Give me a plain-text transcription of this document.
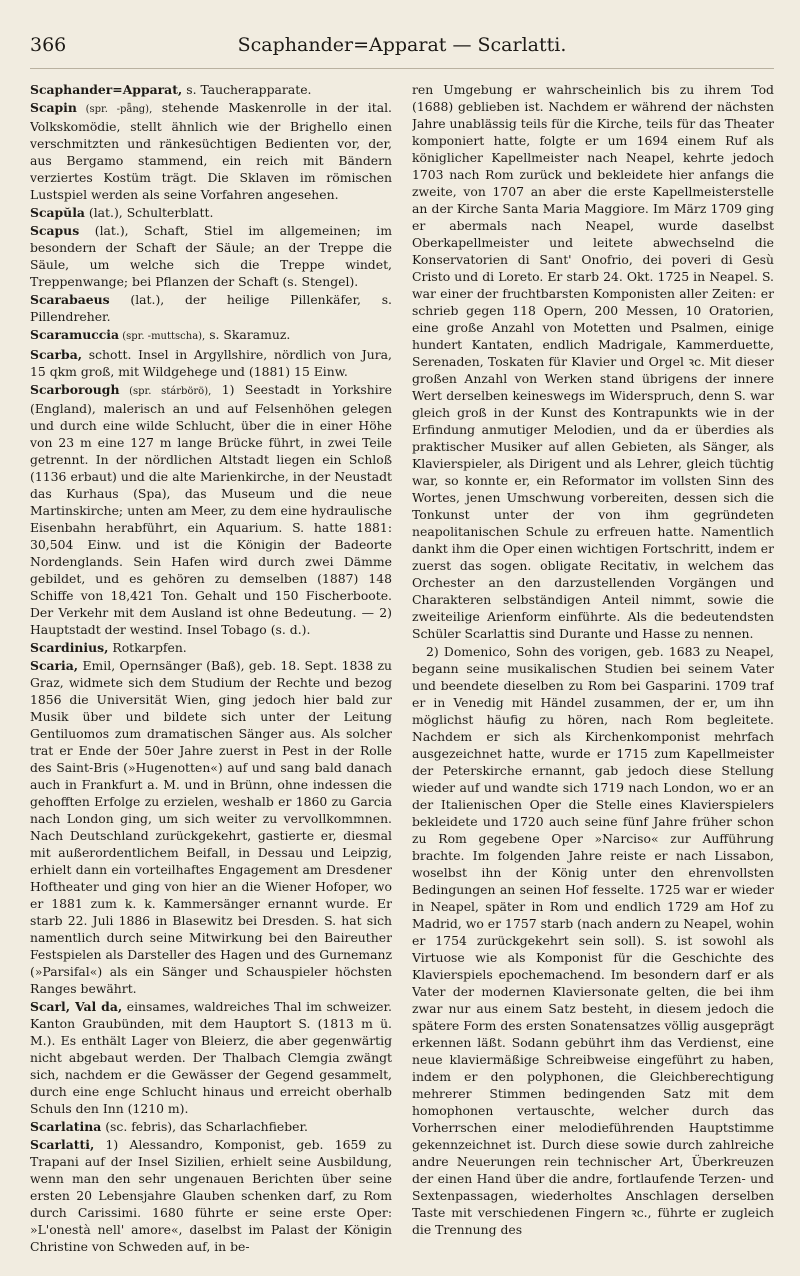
366	Scaphander=Apparat — Scarlatti.

Scaphander=Apparat, s. Taucherapparate.

Scapin (spr. -pǟng), stehende Maskenrolle in der ital. Volkskomödie, stellt ähnlich wie der Brighello einen verschmitzten und ränkesüchtigen Bedienten vor, der, aus Bergamo stammend, ein reich mit Bändern verziertes Kostüm trägt. Die Sklaven im römischen Lustspiel werden als seine Vorfahren angesehen.

Scapŭla (lat.), Schulterblatt.

Scapus (lat.), Schaft, Stiel im allgemeinen; im besondern der Schaft der Säule; an der Treppe die Säule, um welche sich die Treppe windet, Treppenwange; bei Pflanzen der Schaft (s. Stengel).

Scarabaeus (lat.), der heilige Pillenkäfer, s. Pillendreher.

Scaramuccia (spr. -muttscha), s. Skaramuz.

Scarba, schott. Insel in Argyllshire, nördlich von Jura, 15 qkm groß, mit Wildgehege und (1881) 15 Einw.

Scarborough (spr. stárbörö), 1) Seestadt in Yorkshire (England), malerisch an und auf Felsenhöhen gelegen und durch eine wilde Schlucht, über die in einer Höhe von 23 m eine 127 m lange Brücke führt, in zwei Teile getrennt. In der nördlichen Altstadt liegen ein Schloß (1136 erbaut) und die alte Marienkirche, in der Neustadt das Kurhaus (Spa), das Museum und die neue Martinskirche; unten am Meer, zu dem eine hydraulische Eisenbahn herabführt, ein Aquarium. S. hatte 1881: 30,504 Einw. und ist die Königin der Badeorte Nordenglands. Sein Hafen wird durch zwei Dämme gebildet, und es gehören zu demselben (1887) 148 Schiffe von 18,421 Ton. Gehalt und 150 Fischerboote. Der Verkehr mit dem Ausland ist ohne Bedeutung. — 2) Hauptstadt der westind. Insel Tobago (s. d.).

Scardinius, Rotkarpfen.

Scaria, Emil, Opernsänger (Baß), geb. 18. Sept. 1838 zu Graz, widmete sich dem Studium der Rechte und bezog 1856 die Universität Wien, ging jedoch hier bald zur Musik über und bildete sich unter der Leitung Gentiluomos zum dramatischen Sänger aus. Als solcher trat er Ende der 50er Jahre zuerst in Pest in der Rolle des Saint-Bris (»Hugenotten«) auf und sang bald danach auch in Frankfurt a. M. und in Brünn, ohne indessen die gehofften Erfolge zu erzielen, weshalb er 1860 zu Garcia nach London ging, um sich weiter zu vervollkommnen. Nach Deutschland zurückgekehrt, gastierte er, diesmal mit außerordentlichem Beifall, in Dessau und Leipzig, erhielt dann ein vorteilhaftes Engagement am Dresdener Hoftheater und ging von hier an die Wiener Hofoper, wo er 1881 zum k. k. Kammersänger ernannt wurde. Er starb 22. Juli 1886 in Blasewitz bei Dresden. S. hat sich namentlich durch seine Mitwirkung bei den Baireuther Festspielen als Darsteller des Hagen und des Gurnemanz (»Parsifal«) als ein Sänger und Schauspieler höchsten Ranges bewährt.

Scarl, Val da, einsames, waldreiches Thal im schweizer. Kanton Graubünden, mit dem Hauptort S. (1813 m ü. M.). Es enthält Lager von Bleierz, die aber gegenwärtig nicht abgebaut werden. Der Thalbach Clemgia zwängt sich, nachdem er die Gewässer der Gegend gesammelt, durch eine enge Schlucht hinaus und erreicht oberhalb Schuls den Inn (1210 m).

Scarlatina (sc. febris), das Scharlachfieber.

Scarlatti, 1) Alessandro, Komponist, geb. 1659 zu Trapani auf der Insel Sizilien, erhielt seine Ausbildung, wenn man den sehr ungenauen Berichten über seine ersten 20 Lebensjahre Glauben schenken darf, zu Rom durch Carissimi. 1680 führte er seine erste Oper: »L'onestà nell' amore«, daselbst im Palast der Königin Christine von Schweden auf, in be-

ren Umgebung er wahrscheinlich bis zu ihrem Tod (1688) geblieben ist. Nachdem er während der nächsten Jahre unablässig teils für die Kirche, teils für das Theater komponiert hatte, folgte er um 1694 einem Ruf als königlicher Kapellmeister nach Neapel, kehrte jedoch 1703 nach Rom zurück und bekleidete hier anfangs die zweite, von 1707 an aber die erste Kapellmeisterstelle an der Kirche Santa Maria Maggiore. Im März 1709 ging er abermals nach Neapel, wurde daselbst Oberkapellmeister und leitete abwechselnd die Konservatorien di Sant' Onofrio, dei poveri di Gesù Cristo und di Loreto. Er starb 24. Okt. 1725 in Neapel. S. war einer der fruchtbarsten Komponisten aller Zeiten: er schrieb gegen 118 Opern, 200 Messen, 10 Oratorien, eine große Anzahl von Motetten und Psalmen, einige hundert Kantaten, endlich Madrigale, Kammerduette, Serenaden, Toskaten für Klavier und Orgel ꝛc. Mit dieser großen Anzahl von Werken stand übrigens der innere Wert derselben keineswegs im Widerspruch, denn S. war gleich groß in der Kunst des Kontrapunkts wie in der Erfindung anmutiger Melodien, und da er überdies als praktischer Musiker auf allen Gebieten, als Sänger, als Klavierspieler, als Dirigent und als Lehrer, gleich tüchtig war, so konnte er, ein Reformator im vollsten Sinn des Wortes, jenen Umschwung vorbereiten, dessen sich die Tonkunst unter der von ihm gegründeten neapolitanischen Schule zu erfreuen hatte. Namentlich dankt ihm die Oper einen wichtigen Fortschritt, indem er zuerst das sogen. obligate Recitativ, in welchem das Orchester an den darzustellenden Vorgängen und Charakteren selbständigen Anteil nimmt, sowie die zweiteilige Arienform einführte. Als die bedeutendsten Schüler Scarlattis sind Durante und Hasse zu nennen.

2) Domenico, Sohn des vorigen, geb. 1683 zu Neapel, begann seine musikalischen Studien bei seinem Vater und beendete dieselben zu Rom bei Gasparini. 1709 traf er in Venedig mit Händel zusammen, der er, um ihn möglichst häufig zu hören, nach Rom begleitete. Nachdem er sich als Kirchenkomponist mehrfach ausgezeichnet hatte, wurde er 1715 zum Kapellmeister der Peterskirche ernannt, gab jedoch diese Stellung wieder auf und wandte sich 1719 nach London, wo er an der Italienischen Oper die Stelle eines Klavierspielers bekleidete und 1720 auch seine fünf Jahre früher schon zu Rom gegebene Oper »Narciso« zur Aufführung brachte. Im folgenden Jahre reiste er nach Lissabon, woselbst ihn der König unter den ehrenvollsten Bedingungen an seinen Hof fesselte. 1725 war er wieder in Neapel, später in Rom und endlich 1729 am Hof zu Madrid, wo er 1757 starb (nach andern zu Neapel, wohin er 1754 zurückgekehrt sein soll). S. ist sowohl als Virtuose wie als Komponist für die Geschichte des Klavierspiels epochemachend. Im besondern darf er als Vater der modernen Klaviersonate gelten, die bei ihm zwar nur aus einem Satz besteht, in diesem jedoch die spätere Form des ersten Sonatensatzes völlig ausgeprägt erkennen läßt. Sodann gebührt ihm das Verdienst, eine neue klaviermäßige Schreibweise eingeführt zu haben, indem er den polyphonen, die Gleichberechtigung mehrerer Stimmen bedingenden Satz mit dem homophonen vertauschte, welcher durch das Vorherrschen einer melodieführenden Hauptstimme gekennzeichnet ist. Durch diese sowie durch zahlreiche andre Neuerungen rein technischer Art, Überkreuzen der einen Hand über die andre, fortlaufende Terzen- und Sextenpassagen, wiederholtes Anschlagen derselben Taste mit verschiedenen Fingern ꝛc., führte er zugleich die Trennung des
